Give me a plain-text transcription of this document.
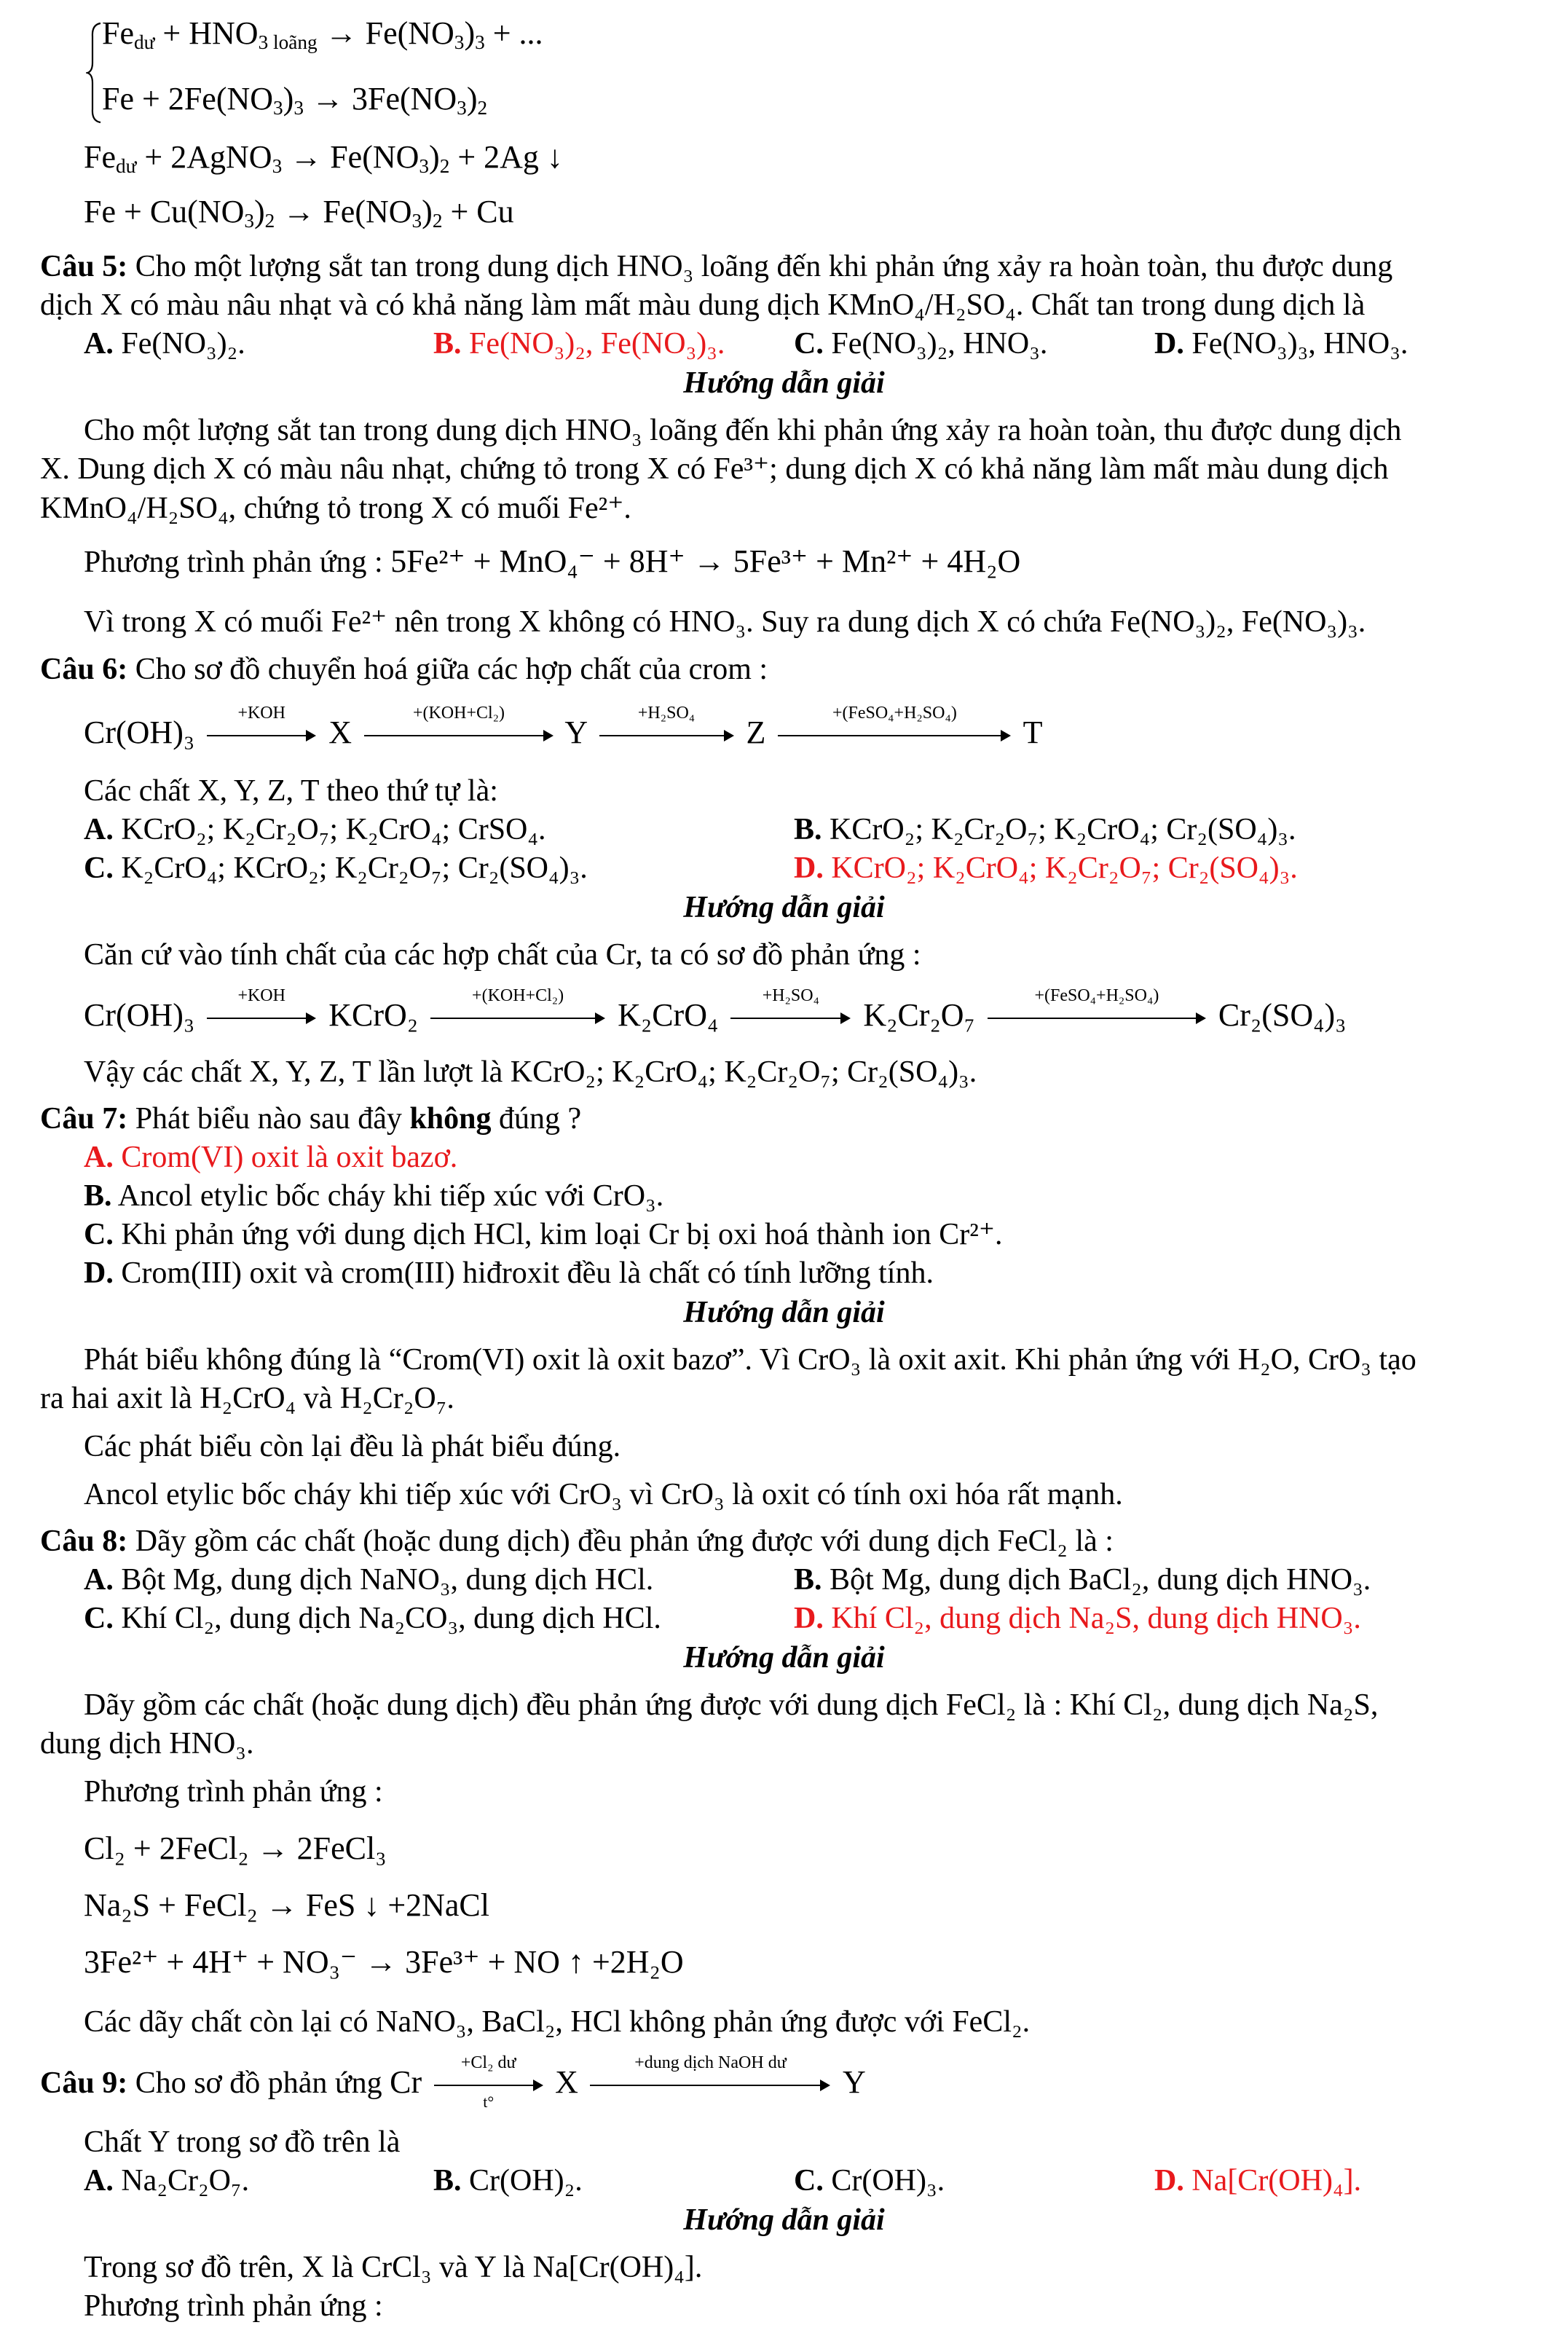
$Fe_{dư} + HNO_{3 loãng} \to Fe(NO_3)_3$ + ...
$Fe + 2Fe(NO_3)_3 \to 3Fe(NO_3)_2$
$Fe_{dư}$ + 2AgNO$_3$ → $Fe(NO_3)_2 + 2Ag$ ↓
$Fe + Cu(NO_3)_2 \to Fe(NO_3)_2 + Cu$
Câu 5: Cho một lượng sắt tan trong dung dịch HNO₃ loãng đến khi phản ứng xảy ra hoàn toàn, thu được dung
dịch X có màu nâu nhạt và có khả năng làm mất màu dung dịch KMnO₄/H₂SO₄. Chất tan trong dung dịch là
A. Fe(NO₃)₂.	B. Fe(NO₃)₂, Fe(NO₃)₃. C. Fe(NO₃)₂, HNO₃.	D. Fe(NO₃)₃, HNO₃.
Hướng dẫn giải
Cho một lượng sắt tan trong dung dịch HNO₃ loãng đến khi phản ứng xảy ra hoàn toàn, thu được dung dịch
X. Dung dịch X có màu nâu nhạt, chứng tỏ trong X có Fe³⁺; dung dịch X có khả năng làm mất màu dung dịch
KMnO₄/H₂SO₄, chứng tỏ trong X có muối Fe²⁺.
Phương trình phản ứng : 5Fe²⁺ + MnO₄⁻ + 8H⁺ → 5Fe³⁺ + Mn²⁺ + 4H₂O
Vì trong X có muối Fe²⁺ nên trong X không có HNO₃. Suy ra dung dịch X có chứa Fe(NO₃)₂, Fe(NO₃)₃.
Câu 6: Cho sơ đồ chuyển hoá giữa các hợp chất của crom :
Cr(OH)₃
+KOH
X
+(KOH+Cl₂)
Y
+H₂SO₄
Z
+(FeSO₄+H₂SO₄)
T
Các chất X, Y, Z, T theo thứ tự là:
A. KCrO₂; K₂Cr₂O₇; K₂CrO₄; CrSO₄.	B. KCrO₂; K₂Cr₂O₇; K₂CrO₄; Cr₂(SO₄)₃.
C. K₂CrO₄; KCrO₂; K₂Cr₂O₇; Cr₂(SO₄)₃.	D. KCrO₂; K₂CrO₄; K₂Cr₂O₇; Cr₂(SO₄)₃.
Hướng dẫn giải
Căn cứ vào tính chất của các hợp chất của Cr, ta có sơ đồ phản ứng :
Cr(OH)₃
+KOH
KCrO₂
+(KOH+Cl₂)
K₂CrO₄
+H₂SO₄
K₂Cr₂O₇
+(FeSO₄+H₂SO₄)
Cr₂(SO₄)₃
Vậy các chất X, Y, Z, T lần lượt là KCrO₂; K₂CrO₄; K₂Cr₂O₇; Cr₂(SO₄)₃.
Câu 7: Phát biểu nào sau đây không đúng ?
A. Crom(VI) oxit là oxit bazơ.
B. Ancol etylic bốc cháy khi tiếp xúc với CrO₃.
C. Khi phản ứng với dung dịch HCl, kim loại Cr bị oxi hoá thành ion Cr²⁺.
D. Crom(III) oxit và crom(III) hiđroxit đều là chất có tính lưỡng tính.
Hướng dẫn giải
Phát biểu không đúng là “Crom(VI) oxit là oxit bazơ”. Vì CrO₃ là oxit axit. Khi phản ứng với H₂O, CrO₃ tạo
ra hai axit là H₂CrO₄ và H₂Cr₂O₇.
Các phát biểu còn lại đều là phát biểu đúng.
Ancol etylic bốc cháy khi tiếp xúc với CrO₃ vì CrO₃ là oxit có tính oxi hóa rất mạnh.
Câu 8: Dãy gồm các chất (hoặc dung dịch) đều phản ứng được với dung dịch FeCl₂ là :
A. Bột Mg, dung dịch NaNO₃, dung dịch HCl.	B. Bột Mg, dung dịch BaCl₂, dung dịch HNO₃.
C. Khí Cl₂, dung dịch Na₂CO₃, dung dịch HCl.	D. Khí Cl₂, dung dịch Na₂S, dung dịch HNO₃.
Hướng dẫn giải
Dãy gồm các chất (hoặc dung dịch) đều phản ứng được với dung dịch FeCl₂ là : Khí Cl₂, dung dịch Na₂S,
dung dịch HNO₃.
Phương trình phản ứng :
Cl₂ + 2FeCl₂ → 2FeCl₃
Na₂S + FeCl₂ → FeS ↓ +2NaCl
3Fe²⁺ + 4H⁺ + NO₃⁻ → 3Fe³⁺ + NO ↑ +2H₂O
Các dãy chất còn lại có NaNO₃, BaCl₂, HCl không phản ứng được với FeCl₂.
Câu 9: Cho sơ đồ phản ứng Cr $\frac{\text{+Cl₂ dư}}{t^\circ}$ X
+dung dịch NaOH dư
Y
Chất Y trong sơ đồ trên là
A. Na₂Cr₂O₇.	B. Cr(OH)₂.	C. Cr(OH)₃.	D. Na[Cr(OH)₄].
Hướng dẫn giải
Trong sơ đồ trên, X là CrCl₃ và Y là Na[Cr(OH)₄].
Phương trình phản ứng :
